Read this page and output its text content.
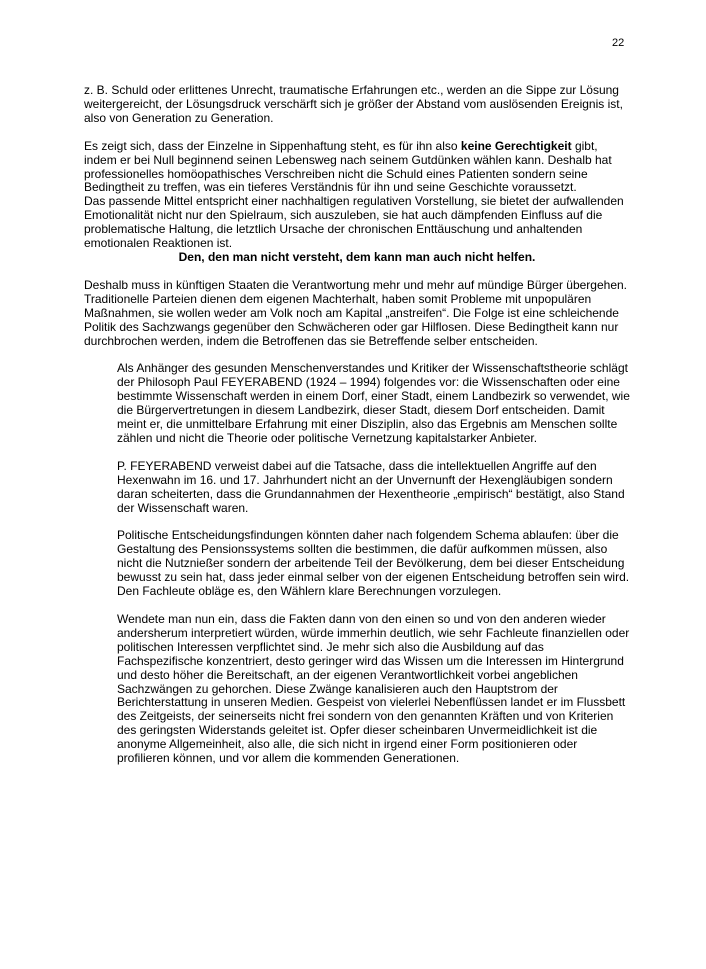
22

z. B. Schuld oder erlittenes Unrecht, traumatische Erfahrungen etc., werden an die Sippe zur Lösung weitergereicht, der Lösungsdruck verschärft sich je größer der Abstand vom auslösenden Ereignis ist, also von Generation zu Generation.

Es zeigt sich, dass der Einzelne in Sippenhaftung steht, es für ihn also keine Gerechtigkeit gibt, indem er bei Null beginnend seinen Lebensweg nach seinem Gutdünken wählen kann. Deshalb hat professionelles homöopathisches Verschreiben nicht die Schuld eines Patienten sondern seine Bedingtheit zu treffen, was ein tieferes Verständnis für ihn und seine Geschichte voraussetzt.

Das passende Mittel entspricht einer nachhaltigen regulativen Vorstellung, sie bietet der aufwallenden Emotionalität nicht nur den Spielraum, sich auszuleben, sie hat auch dämpfenden Einfluss auf die problematische Haltung, die letztlich Ursache der chronischen Enttäuschung und anhaltenden emotionalen Reaktionen ist.

Den, den man nicht versteht, dem kann man auch nicht helfen.

Deshalb muss in künftigen Staaten die Verantwortung mehr und mehr auf mündige Bürger übergehen. Traditionelle Parteien dienen dem eigenen Machterhalt, haben somit Probleme mit unpopulären Maßnahmen, sie wollen weder am Volk noch am Kapital „anstreifen“. Die Folge ist eine schleichende Politik des Sachzwangs gegenüber den Schwächeren oder gar Hilflosen. Diese Bedingtheit kann nur durchbrochen werden, indem die Betroffenen das sie Betreffende selber entscheiden.

Als Anhänger des gesunden Menschenverstandes und Kritiker der Wissenschaftstheorie schlägt der Philosoph Paul FEYERABEND (1924 – 1994) folgendes vor: die Wissenschaften oder eine bestimmte Wissenschaft werden in einem Dorf, einer Stadt, einem Landbezirk so verwendet, wie die Bürgervertretungen in diesem Landbezirk, dieser Stadt, diesem Dorf entscheiden. Damit meint er, die unmittelbare Erfahrung mit einer Disziplin, also das Ergebnis am Menschen sollte zählen und nicht die Theorie oder politische Vernetzung kapitalstarker Anbieter.

P. FEYERABEND verweist dabei auf die Tatsache, dass die intellektuellen Angriffe auf den Hexenwahn im 16. und 17. Jahrhundert nicht an der Unvernunft der Hexengläubigen sondern daran scheiterten, dass die Grundannahmen der Hexentheorie „empirisch“ bestätigt, also Stand der Wissenschaft waren.

Politische Entscheidungsfindungen könnten daher nach folgendem Schema ablaufen: über die Gestaltung des Pensionssystems sollten die bestimmen, die dafür aufkommen müssen, also nicht die Nutznießer sondern der arbeitende Teil der Bevölkerung, dem bei dieser Entscheidung bewusst zu sein hat, dass jeder einmal selber von der eigenen Entscheidung betroffen sein wird. Den Fachleute obläge es, den Wählern klare Berechnungen vorzulegen.

Wendete man nun ein, dass die Fakten dann von den einen so und von den anderen wieder andersherum interpretiert würden, würde immerhin deutlich, wie sehr Fachleute finanziellen oder politischen Interessen verpflichtet sind. Je mehr sich also die Ausbildung auf das Fachspezifische konzentriert, desto geringer wird das Wissen um die Interessen im Hintergrund und desto höher die Bereitschaft, an der eigenen Verantwortlichkeit vorbei angeblichen Sachzwängen zu gehorchen. Diese Zwänge kanalisieren auch den Hauptstrom der Berichterstattung in unseren Medien. Gespeist von vielerlei Nebenflüssen landet er im Flussbett des Zeitgeists, der seinerseits nicht frei sondern von den genannten Kräften und von Kriterien des geringsten Widerstands geleitet ist. Opfer dieser scheinbaren Unvermeidlichkeit ist die anonyme Allgemeinheit, also alle, die sich nicht in irgend einer Form positionieren oder profilieren können, und vor allem die kommenden Generationen.
